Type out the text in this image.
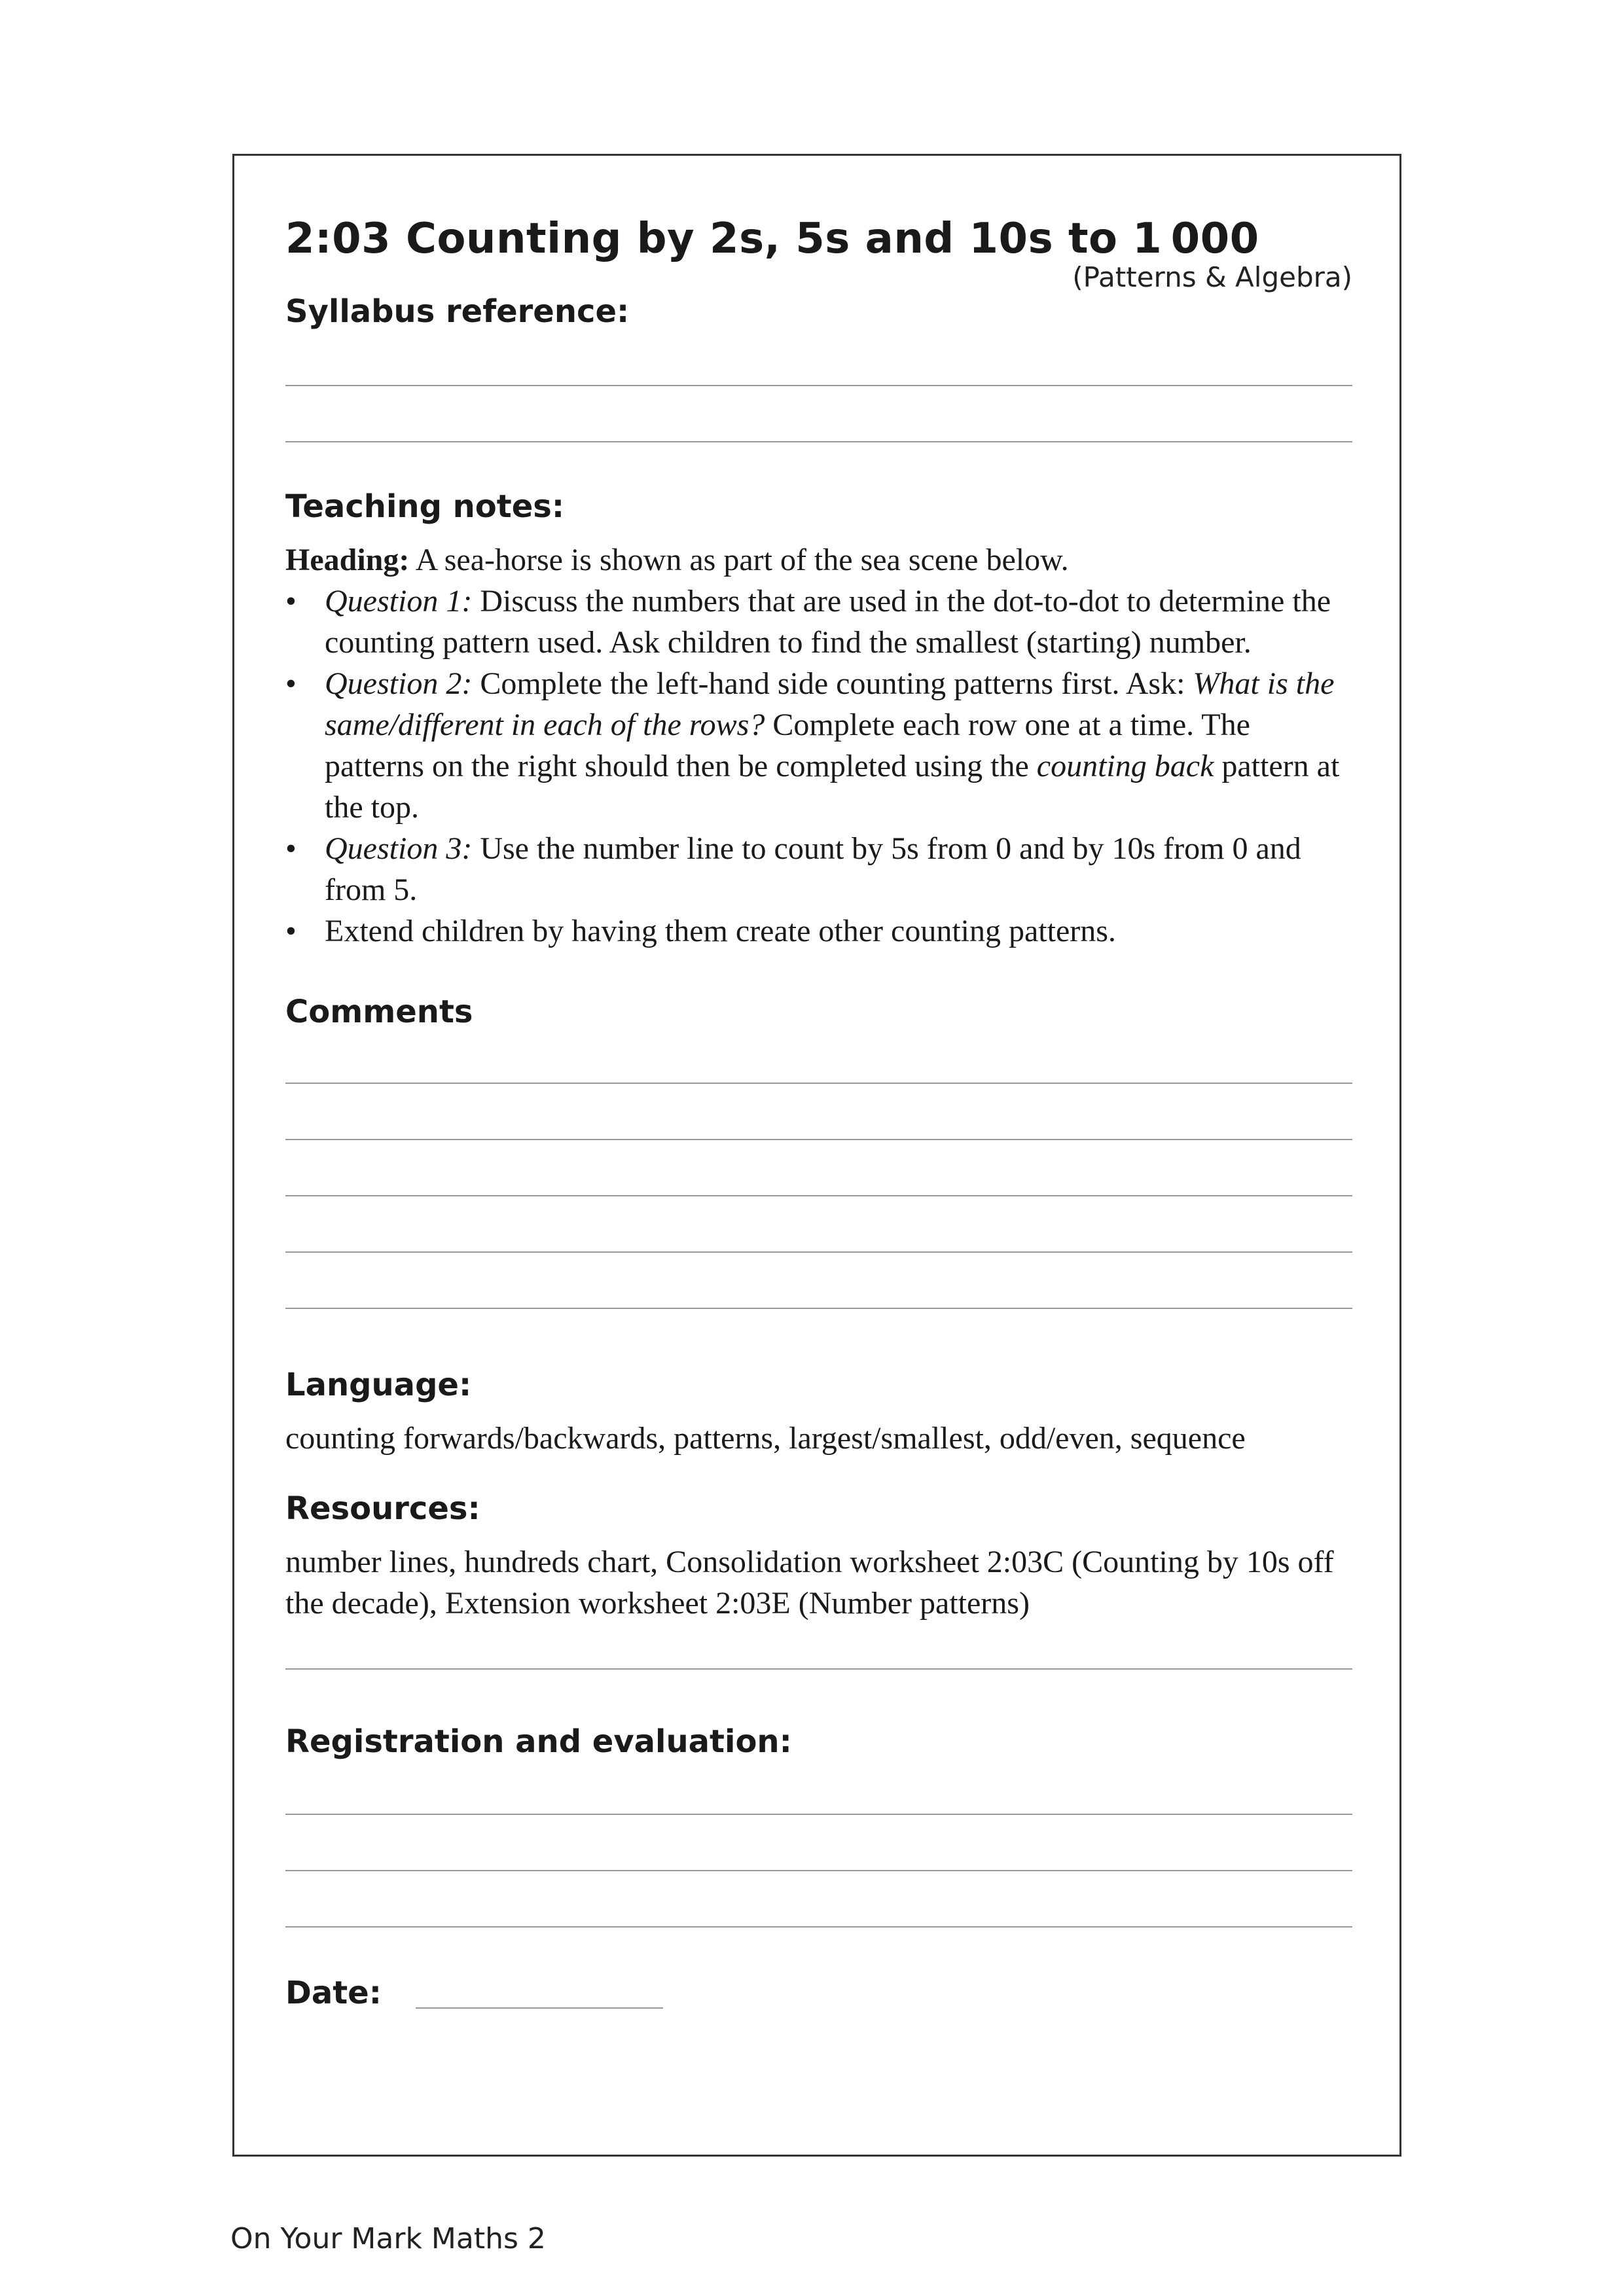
2:03 Counting by 2s, 5s and 10s to 1 000

(Patterns & Algebra)

Syllabus reference:
Teaching notes:

Heading: A sea-horse is shown as part of the sea scene below.

• Question 1: Discuss the numbers that are used in the dot-to-dot to determine the counting pattern used. Ask children to find the smallest (starting) number.
• Question 2: Complete the left-hand side counting patterns first. Ask: What is the same/different in each of the rows? Complete each row one at a time. The patterns on the right should then be completed using the counting back pattern at the top.
• Question 3: Use the number line to count by 5s from 0 and by 10s from 0 and from 5.
• Extend children by having them create other counting patterns.
Comments
Language:

counting forwards/backwards, patterns, largest/smallest, odd/even, sequence

Resources:

number lines, hundreds chart, Consolidation worksheet 2:03C (Counting by 10s off the decade), Extension worksheet 2:03E (Number patterns)

Registration and evaluation:
Date:
On Your Mark Maths 2
